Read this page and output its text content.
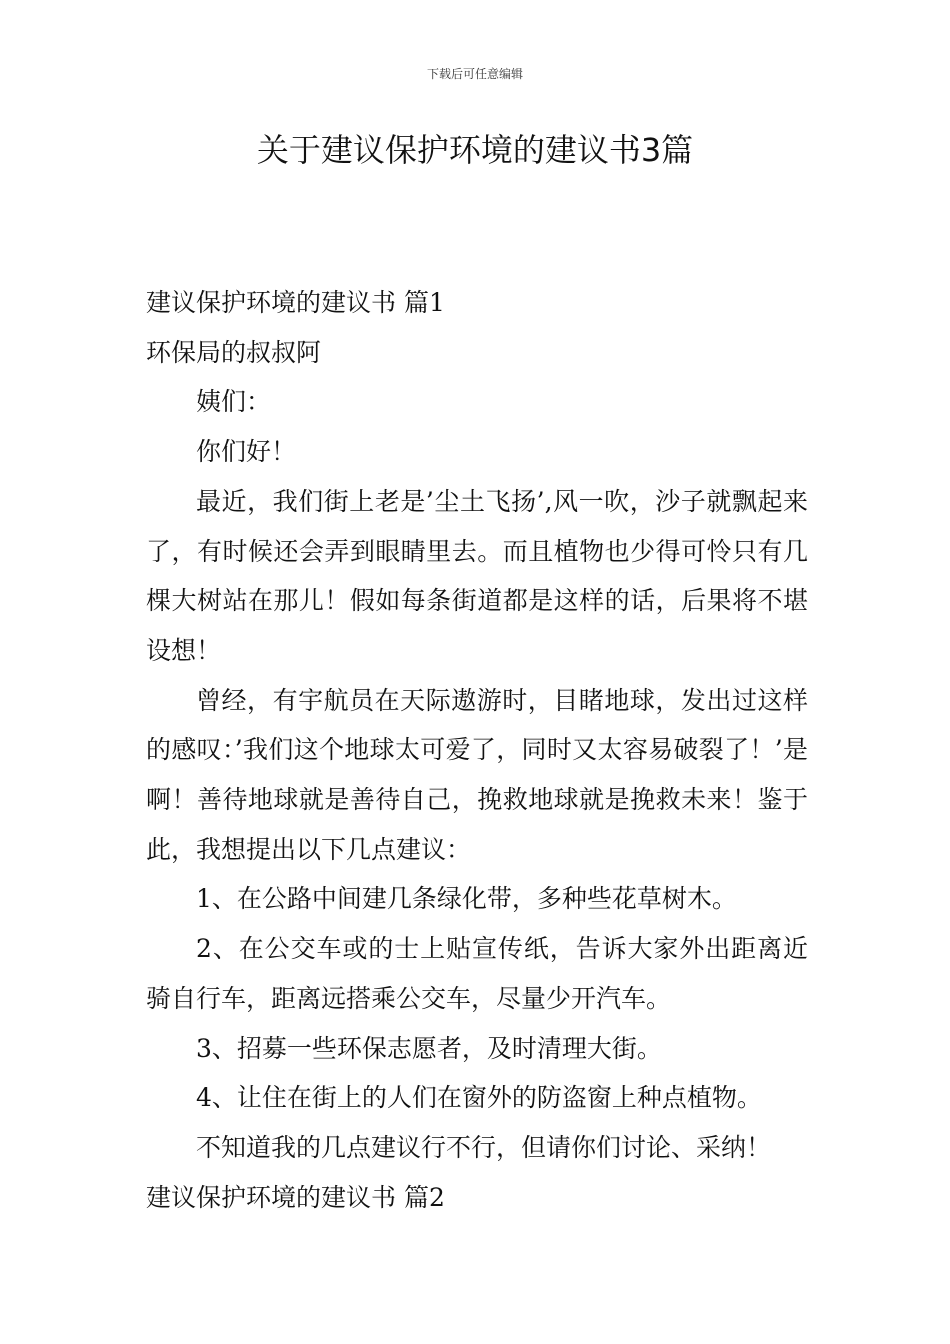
下载后可任意编辑
关于建议保护环境的建议书3篇

建议保护环境的建议书 篇1

环保局的叔叔阿

姨们：

你们好！

最近，我们街上老是’尘土飞扬’,风一吹，沙子就飘起来了，有时候还会弄到眼睛里去。而且植物也少得可怜只有几棵大树站在那儿！假如每条街道都是这样的话，后果将不堪设想！

曾经，有宇航员在天际遨游时，目睹地球，发出过这样的感叹：’我们这个地球太可爱了，同时又太容易破裂了！’是啊！善待地球就是善待自己，挽救地球就是挽救未来！鉴于此，我想提出以下几点建议：

1、在公路中间建几条绿化带，多种些花草树木。

2、在公交车或的士上贴宣传纸，告诉大家外出距离近骑自行车，距离远搭乘公交车，尽量少开汽车。

3、招募一些环保志愿者，及时清理大街。

4、让住在街上的人们在窗外的防盗窗上种点植物。

不知道我的几点建议行不行，但请你们讨论、采纳！

建议保护环境的建议书 篇2
